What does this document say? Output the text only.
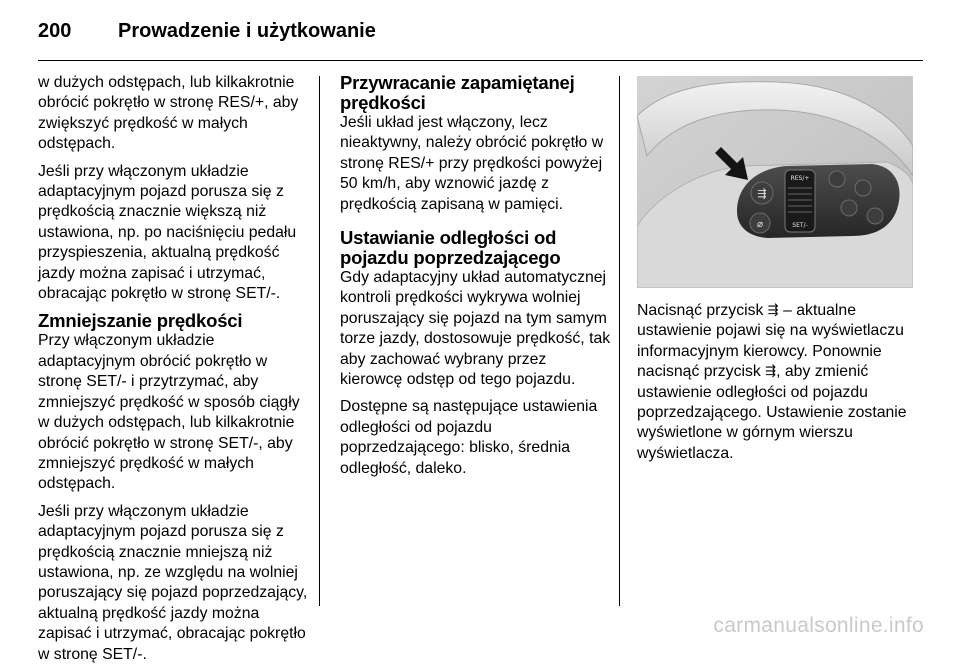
200 Prowadzenie i użytkowanie

w dużych odstępach, lub kilkakrotnie obrócić pokrętło w stronę RES/+, aby zwiększyć prędkość w małych odstępach.

Jeśli przy włączonym układzie adaptacyjnym pojazd porusza się z prędkością znacznie większą niż ustawiona, np. po naciśnięciu pedału przyspieszenia, aktualną prędkość jazdy można zapisać i utrzymać, obracając pokrętło w stronę SET/-.

Zmniejszanie prędkości

Przy włączonym układzie adaptacyjnym obrócić pokrętło w stronę SET/- i przytrzymać, aby zmniejszyć prędkość w sposób ciągły w dużych odstępach, lub kilkakrotnie obrócić pokrętło w stronę SET/-, aby zmniejszyć prędkość w małych odstępach.

Jeśli przy włączonym układzie adaptacyjnym pojazd porusza się z prędkością znacznie mniejszą niż ustawiona, np. ze względu na wolniej poruszający się pojazd poprzedzający, aktualną prędkość jazdy można zapisać i utrzymać, obracając pokrętło w stronę SET/-.

Przywracanie zapamiętanej prędkości

Jeśli układ jest włączony, lecz nieaktywny, należy obrócić pokrętło w stronę RES/+ przy prędkości powyżej 50 km/h, aby wznowić jazdę z prędkością zapisaną w pamięci.

Ustawianie odległości od pojazdu poprzedzającego

Gdy adaptacyjny układ automatycznej kontroli prędkości wykrywa wolniej poruszający się pojazd na tym samym torze jazdy, dostosowuje prędkość, tak aby zachować wybrany przez kierowcę odstęp od tego pojazdu.

Dostępne są następujące ustawienia odległości od pojazdu poprzedzającego: blisko, średnia odległość, daleko.

⇶
⌀
RES/+
SET/-

Nacisnąć przycisk ⇶ – aktualne ustawienie pojawi się na wyświetlaczu informacyjnym kierowcy. Ponownie nacisnąć przycisk ⇶, aby zmienić ustawienie odległości od pojazdu poprzedzającego. Ustawienie zostanie wyświetlone w górnym wierszu wyświetlacza.

carmanualsonline.info
